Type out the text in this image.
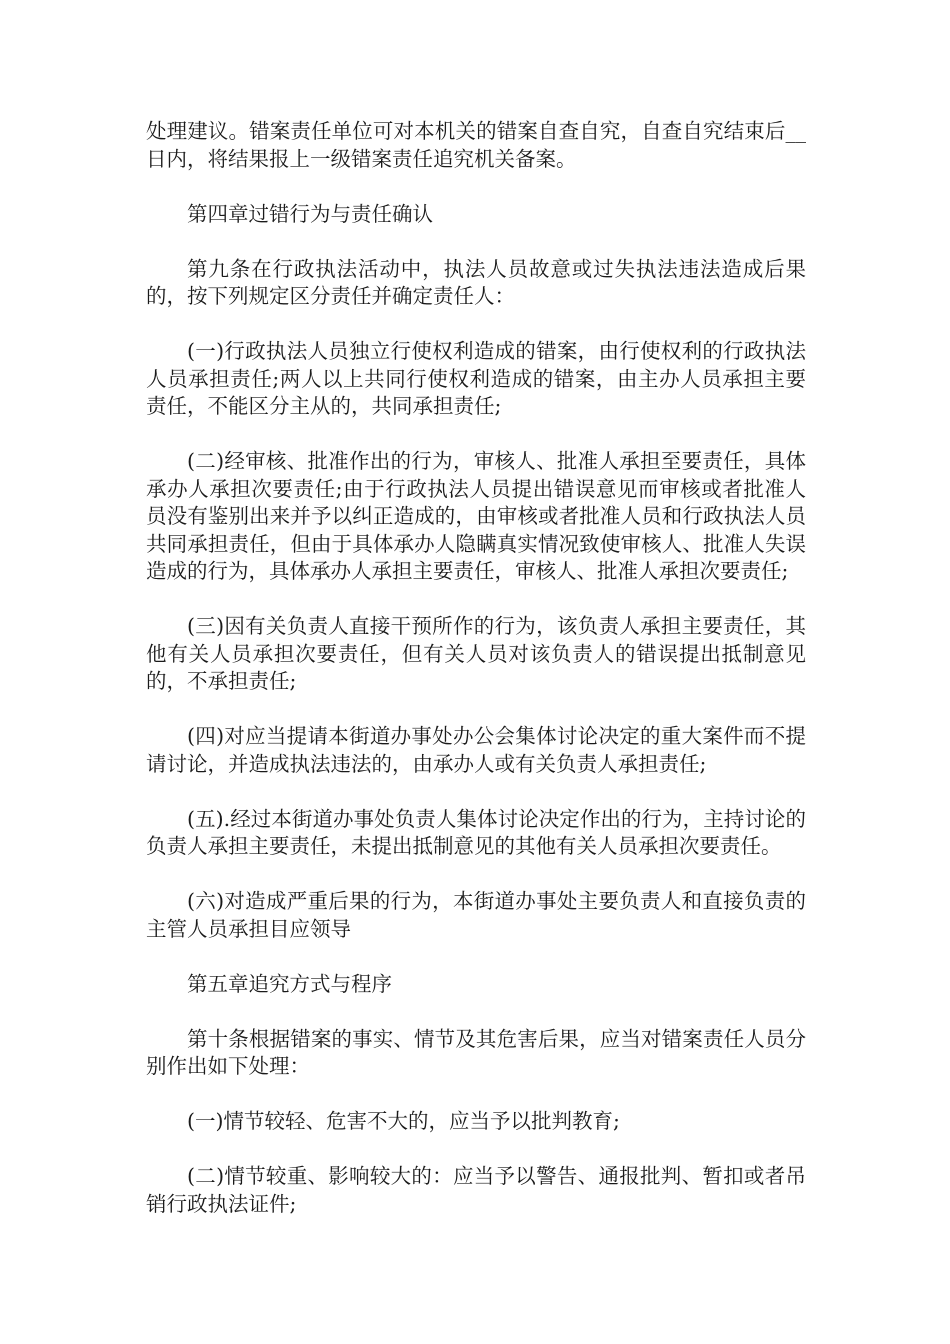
处理建议。错案责任单位可对本机关的错案自查自究，自查自究结束后__日内，将结果报上一级错案责任追究机关备案。

第四章过错行为与责任确认

第九条在行政执法活动中，执法人员故意或过失执法违法造成后果的，按下列规定区分责任并确定责任人：

(一)行政执法人员独立行使权利造成的错案，由行使权利的行政执法人员承担责任;两人以上共同行使权利造成的错案，由主办人员承担主要责任，不能区分主从的，共同承担责任;

(二)经审核、批准作出的行为，审核人、批准人承担至要责任，具体承办人承担次要责任;由于行政执法人员提出错误意见而审核或者批准人员没有鉴别出来并予以纠正造成的，由审核或者批准人员和行政执法人员共同承担责任，但由于具体承办人隐瞒真实情况致使审核人、批准人失误造成的行为，具体承办人承担主要责任，审核人、批准人承担次要责任;

(三)因有关负责人直接干预所作的行为，该负责人承担主要责任，其他有关人员承担次要责任，但有关人员对该负责人的错误提出抵制意见的，不承担责任;

(四)对应当提请本街道办事处办公会集体讨论决定的重大案件而不提请讨论，并造成执法违法的，由承办人或有关负责人承担责任;

(五).经过本街道办事处负责人集体讨论决定作出的行为，主持讨论的负责人承担主要责任，未提出抵制意见的其他有关人员承担次要责任。

(六)对造成严重后果的行为，本街道办事处主要负责人和直接负责的主管人员承担目应领导

第五章追究方式与程序

第十条根据错案的事实、情节及其危害后果，应当对错案责任人员分别作出如下处理：

(一)情节较轻、危害不大的，应当予以批判教育;

(二)情节较重、影响较大的：应当予以警告、通报批判、暂扣或者吊销行政执法证件;
